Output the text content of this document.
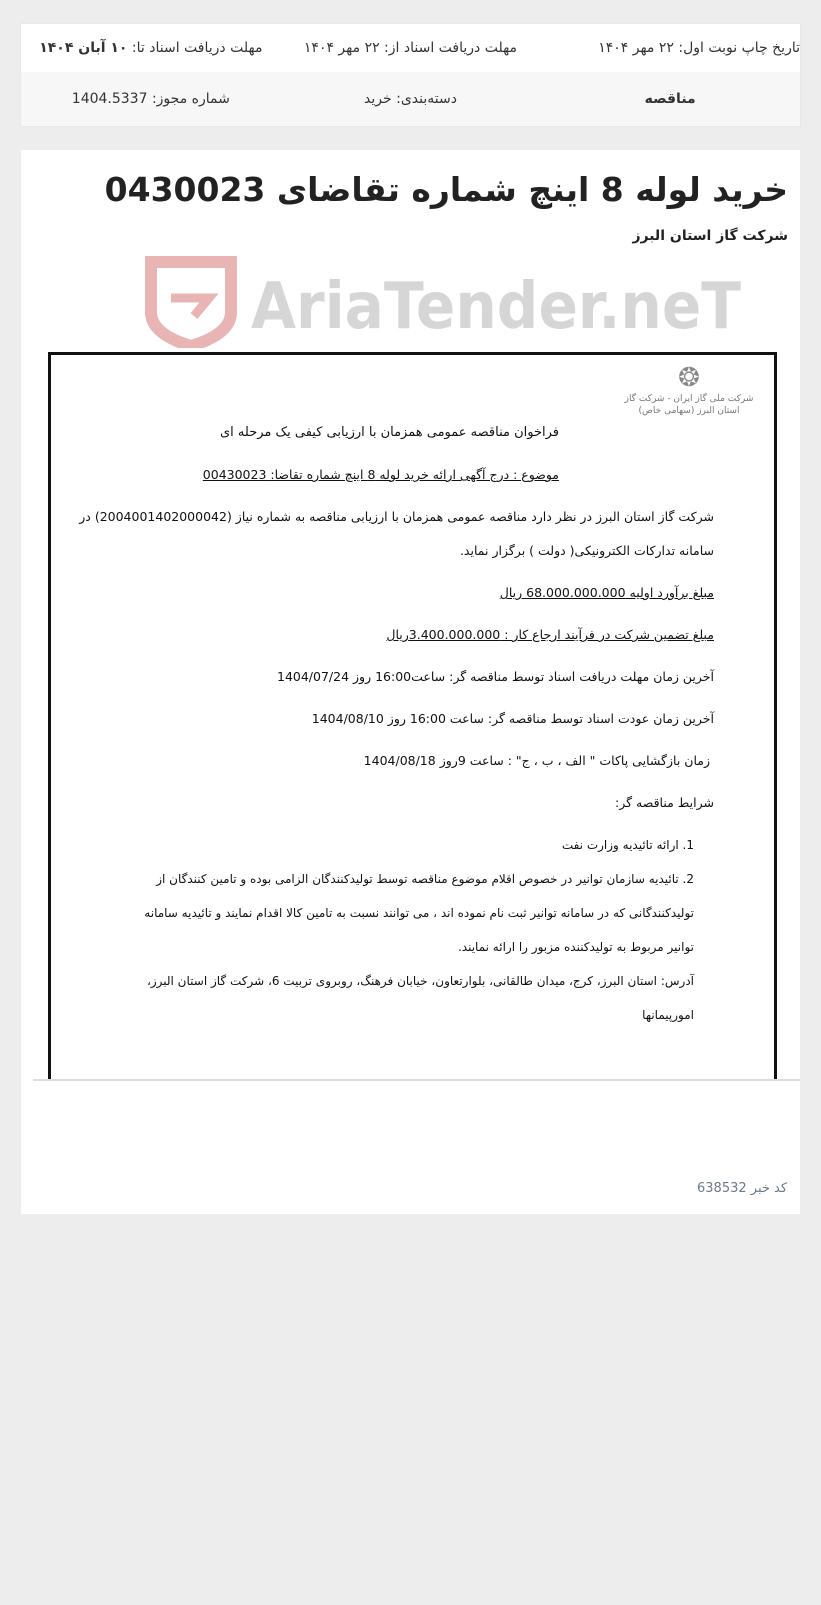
تاریخ چاپ نوبت اول: ۲۲ مهر ۱۴۰۴
مهلت دریافت اسناد از: ۲۲ مهر ۱۴۰۴
مهلت دریافت اسناد تا: ۱۰ آبان ۱۴۰۴
مناقصه
دسته‌بندی: خرید
شماره مجوز: 1404.5337
خرید لوله 8 اینچ شماره تقاضای 0430023
شرکت گاز استان البرز
AriaTender.neT
❂
شرکت ملی گاز ایران - شرکت گاز استان البرز (سهامی خاص)
فراخوان مناقصه عمومی همزمان با ارزیابی کیفی یک مرحله ای
موضوع : درج آگهی ارائه خرید لوله 8 اینچ شماره تقاضا: 00430023
شرکت گاز استان البرز در نظر دارد مناقصه عمومی همزمان با ارزیابی مناقصه به شماره نیاز (2004001402000042) در
سامانه تدارکات الکترونیکی( دولت ) برگزار نماید.
مبلغ برآورد اولیه 68.000.000.000 ریال
مبلغ تضمین شرکت در فرآیند ارجاع کار : 3.400.000.000ریال
آخرین زمان مهلت دریافت اسناد توسط مناقصه گر: ساعت16:00 روز 1404/07/24
آخرین زمان عودت اسناد توسط مناقصه گر: ساعت 16:00 روز 1404/08/10
زمان بازگشایی پاکات " الف ، ب ، ج" : ساعت 9روز 1404/08/18
شرایط مناقصه گر:
1. ارائه تائیدیه وزارت نفت
2. تائیدیه سازمان توانیر در خصوص اقلام موضوع مناقصه توسط تولیدکنندگان الزامی بوده و تامین کنندگان از
تولیدکنندگانی که در سامانه توانیر ثبت نام نموده اند ، می توانند نسبت به تامین کالا اقدام نمایند و تائیدیه سامانه
توانیر مربوط به تولیدکننده مزبور را ارائه نمایند.
آدرس: استان البرز، کرج، میدان طالقانی، بلوارتعاون، خیابان فرهنگ، روبروی تربیت 6، شرکت گاز استان البرز،
امورپیمانها
کد خبر 638532
